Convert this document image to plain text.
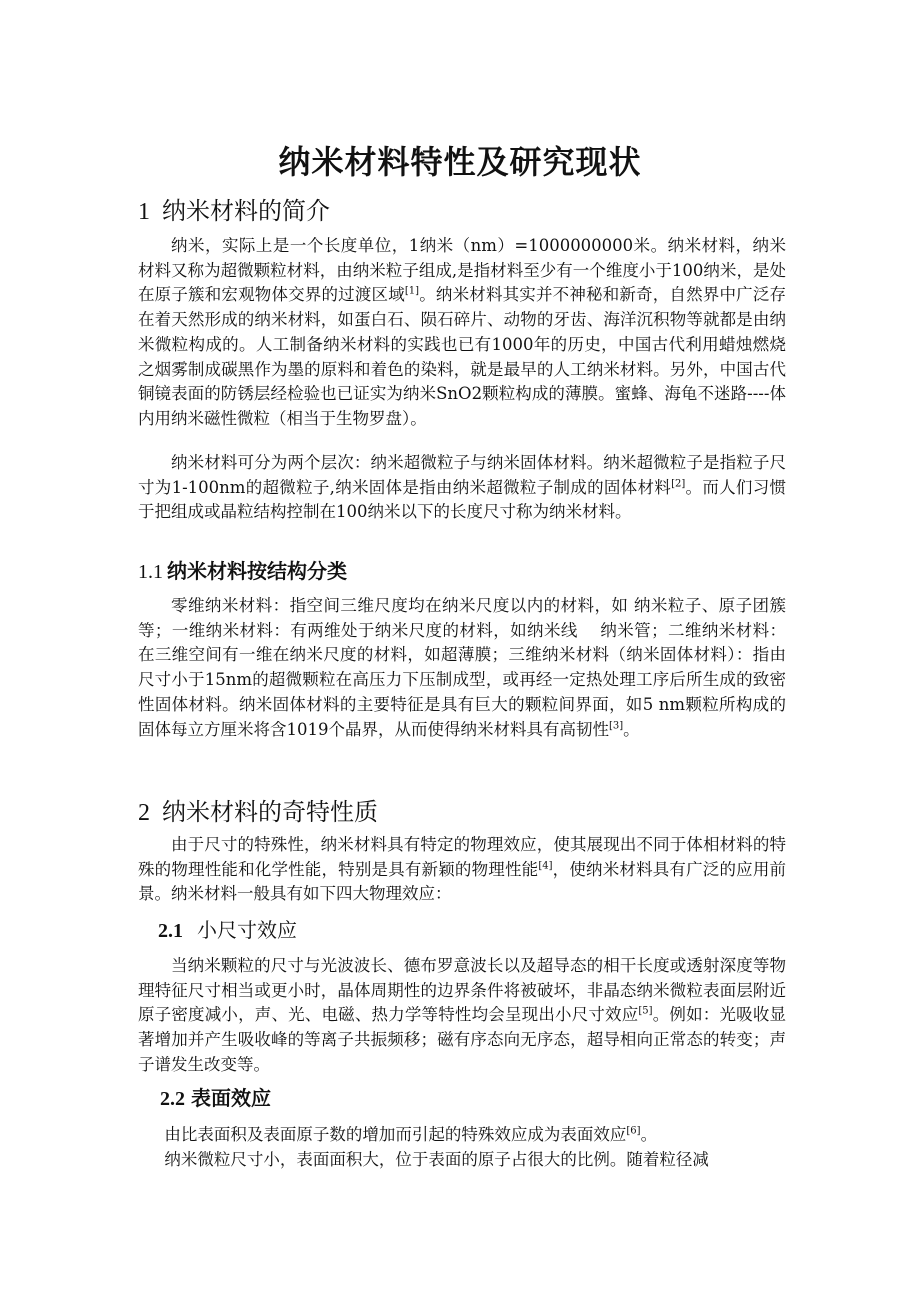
纳米材料特性及研究现状
1 纳米材料的简介

纳米，实际上是一个长度单位，1纳米（nm）=1000000000米。纳米材料，纳米材料又称为超微颗粒材料，由纳米粒子组成,是指材料至少有一个维度小于100纳米，是处在原子簇和宏观物体交界的过渡区域[1]。纳米材料其实并不神秘和新奇，自然界中广泛存在着天然形成的纳米材料，如蛋白石、陨石碎片、动物的牙齿、海洋沉积物等就都是由纳米微粒构成的。人工制备纳米材料的实践也已有1000年的历史，中国古代利用蜡烛燃烧之烟雾制成碳黑作为墨的原料和着色的染料，就是最早的人工纳米材料。另外，中国古代铜镜表面的防锈层经检验也已证实为纳米SnO2颗粒构成的薄膜。蜜蜂、海龟不迷路----体内用纳米磁性微粒（相当于生物罗盘）。

纳米材料可分为两个层次：纳米超微粒子与纳米固体材料。纳米超微粒子是指粒子尺寸为1-100nm的超微粒子,纳米固体是指由纳米超微粒子制成的固体材料[2]。而人们习惯于把组成或晶粒结构控制在100纳米以下的长度尺寸称为纳米材料。

1.1 纳米材料按结构分类

零维纳米材料：指空间三维尺度均在纳米尺度以内的材料，如 纳米粒子、原子团簇等；一维纳米材料：有两维处于纳米尺度的材料，如纳米线　 纳米管；二维纳米材料：在三维空间有一维在纳米尺度的材料，如超薄膜；三维纳米材料（纳米固体材料）：指由尺寸小于15nm的超微颗粒在高压力下压制成型，或再经一定热处理工序后所生成的致密性固体材料。纳米固体材料的主要特征是具有巨大的颗粒间界面，如5 nm颗粒所构成的固体每立方厘米将含1019个晶界，从而使得纳米材料具有高韧性[3]。

2 纳米材料的奇特性质

由于尺寸的特殊性，纳米材料具有特定的物理效应，使其展现出不同于体相材料的特殊的物理性能和化学性能，特别是具有新颖的物理性能[4]，使纳米材料具有广泛的应用前景。纳米材料一般具有如下四大物理效应：

2.1 小尺寸效应

当纳米颗粒的尺寸与光波波长、德布罗意波长以及超导态的相干长度或透射深度等物理特征尺寸相当或更小时，晶体周期性的边界条件将被破坏，非晶态纳米微粒表面层附近原子密度减小，声、光、电磁、热力学等特性均会呈现出小尺寸效应[5]。例如：光吸收显著增加并产生吸收峰的等离子共振频移；磁有序态向无序态，超导相向正常态的转变；声子谱发生改变等。

2.2 表面效应

由比表面积及表面原子数的增加而引起的特殊效应成为表面效应[6]。

纳米微粒尺寸小，表面面积大，位于表面的原子占很大的比例。随着粒径减
